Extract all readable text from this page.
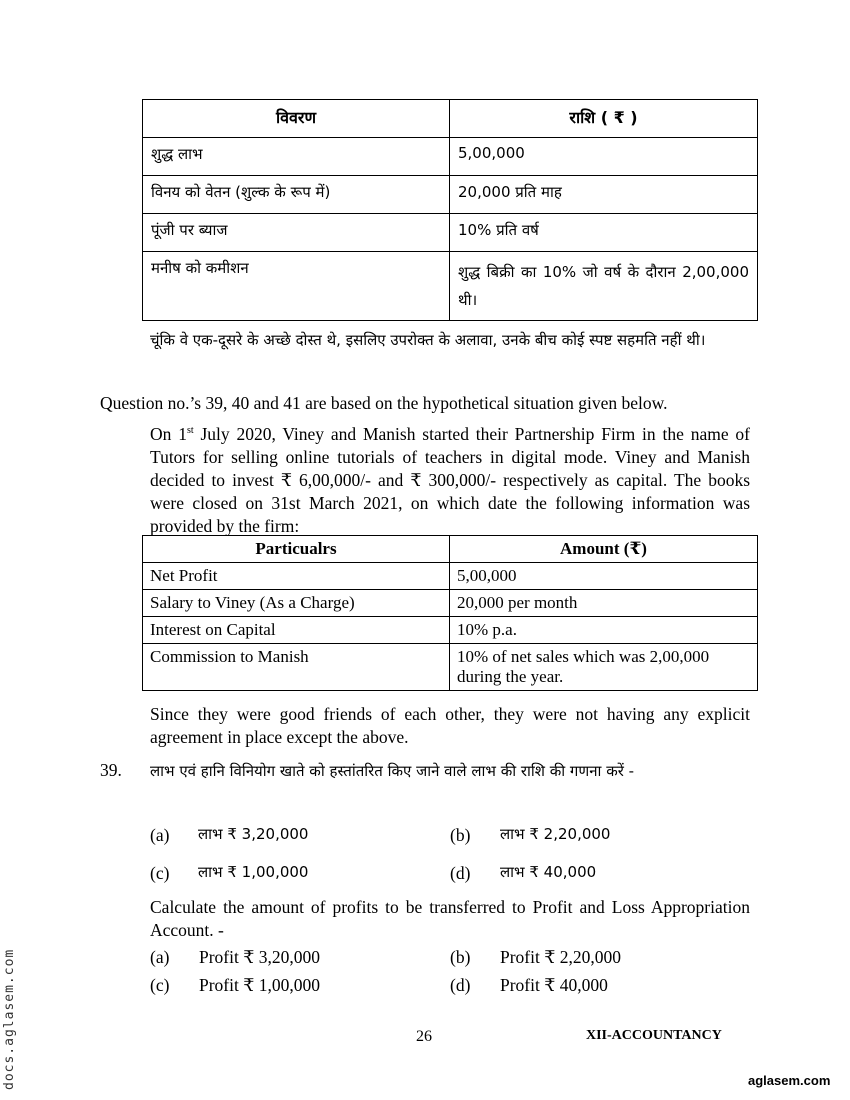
विवरण	राशि ( ₹ )
शुद्ध लाभ	5,00,000
विनय को वेतन (शुल्क के रूप में)	20,000 प्रति माह
पूंजी पर ब्याज	10% प्रति वर्ष
मनीष को कमीशन	शुद्ध बिक्री का 10% जो वर्ष के दौरान 2,00,000 थी।
चूंकि वे एक-दूसरे के अच्छे दोस्त थे, इसलिए उपरोक्त के अलावा, उनके बीच कोई स्पष्ट सहमति नहीं थी।
Question no.’s 39, 40 and 41 are based on the hypothetical situation given below.
On 1st July 2020, Viney and Manish started their Partnership Firm in the name of Tutors for selling online tutorials of teachers in digital mode. Viney and Manish decided to invest ₹ 6,00,000/- and ₹ 300,000/- respectively as capital. The books were closed on 31st March 2021, on which date the following information was provided by the firm:
Particualrs	Amount (₹)
Net Profit	5,00,000
Salary to Viney (As a Charge)	20,000 per month
Interest on Capital	10% p.a.
Commission to Manish	10% of net sales which was 2,00,000 during the year.
Since they were good friends of each other, they were not having any explicit agreement in place except the above.
39. लाभ एवं हानि विनियोग खाते को हस्तांतरित किए जाने वाले लाभ की राशि की गणना करें -
(a) लाभ ₹ 3,20,000	(b) लाभ ₹ 2,20,000
(c) लाभ ₹ 1,00,000	(d) लाभ ₹ 40,000
Calculate the amount of profits to be transferred to Profit and Loss Appropriation Account. -
(a) Profit ₹ 3,20,000	(b) Profit ₹ 2,20,000
(c) Profit ₹ 1,00,000	(d) Profit ₹ 40,000
26	XII-ACCOUNTANCY
docs.aglasem.com	aglasem.com
